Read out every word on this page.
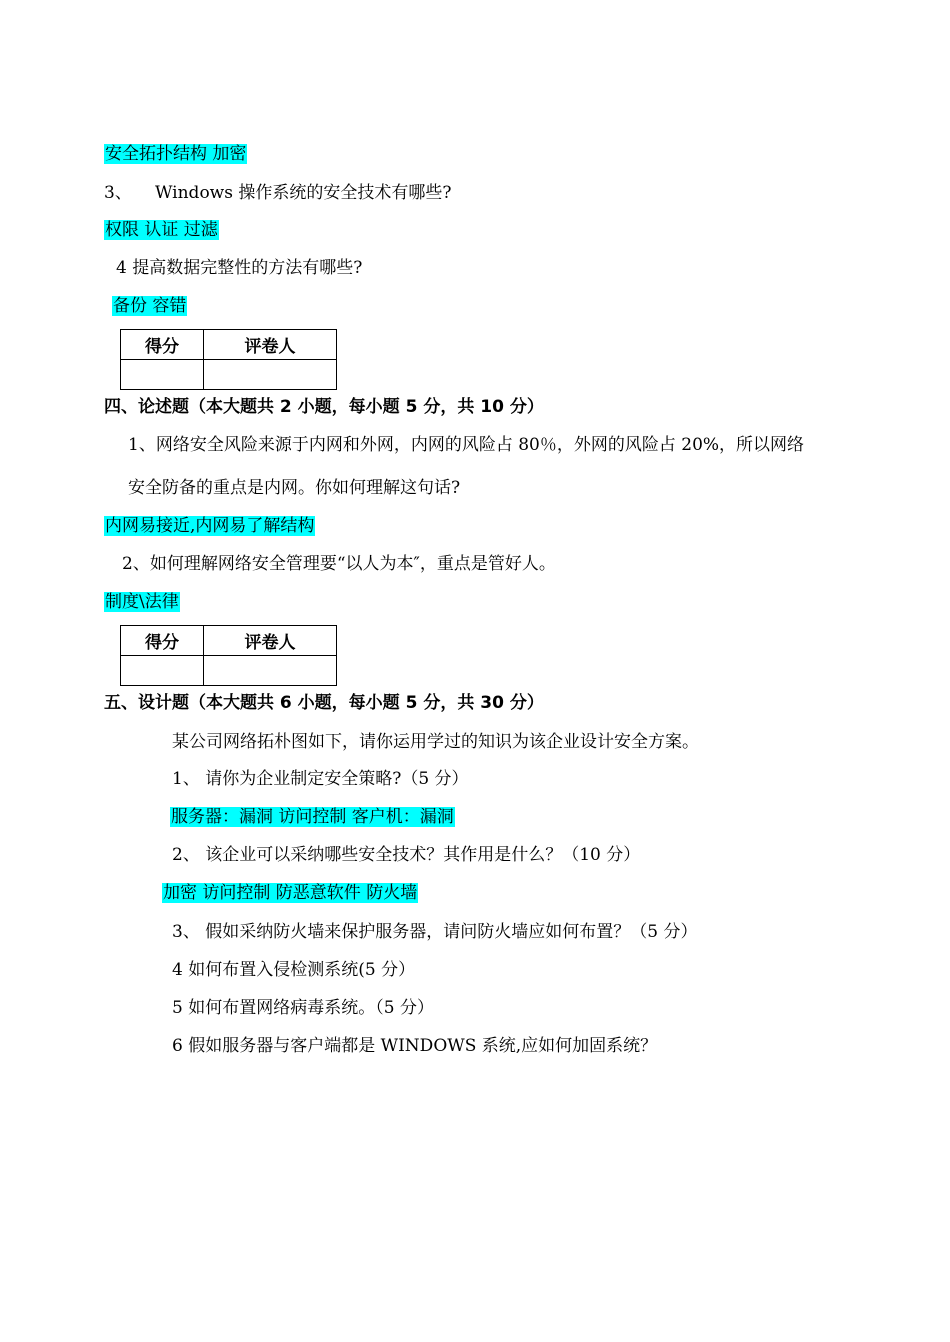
安全拓扑结构 加密
3、 Windows 操作系统的安全技术有哪些?
权限 认证 过滤
4 提高数据完整性的方法有哪些?
备份 容错
得分	评卷人

四、论述题（本大题共 2 小题，每小题 5 分，共 10 分）
1、网络安全风险来源于内网和外网，内网的风险占 80％，外网的风险占 20%，所以网络
安全防备的重点是内网。你如何理解这句话?
内网易接近,内网易了解结构
2、如何理解网络安全管理要“以人为本″，重点是管好人。
制度\法律
得分	评卷人

五、设计题（本大题共 6 小题，每小题 5 分，共 30 分）
某公司网络拓朴图如下，请你运用学过的知识为该企业设计安全方案。
1、 请你为企业制定安全策略?（5 分）
服务器：漏洞 访问控制 客户机：漏洞
2、 该企业可以采纳哪些安全技术？其作用是什么？（10 分）
加密 访问控制 防恶意软件 防火墙
3、 假如采纳防火墙来保护服务器，请问防火墙应如何布置？（5 分）
4 如何布置入侵检测系统(5 分）
5 如何布置网络病毒系统。（5 分）
6 假如服务器与客户端都是 WINDOWS 系统,应如何加固系统？
